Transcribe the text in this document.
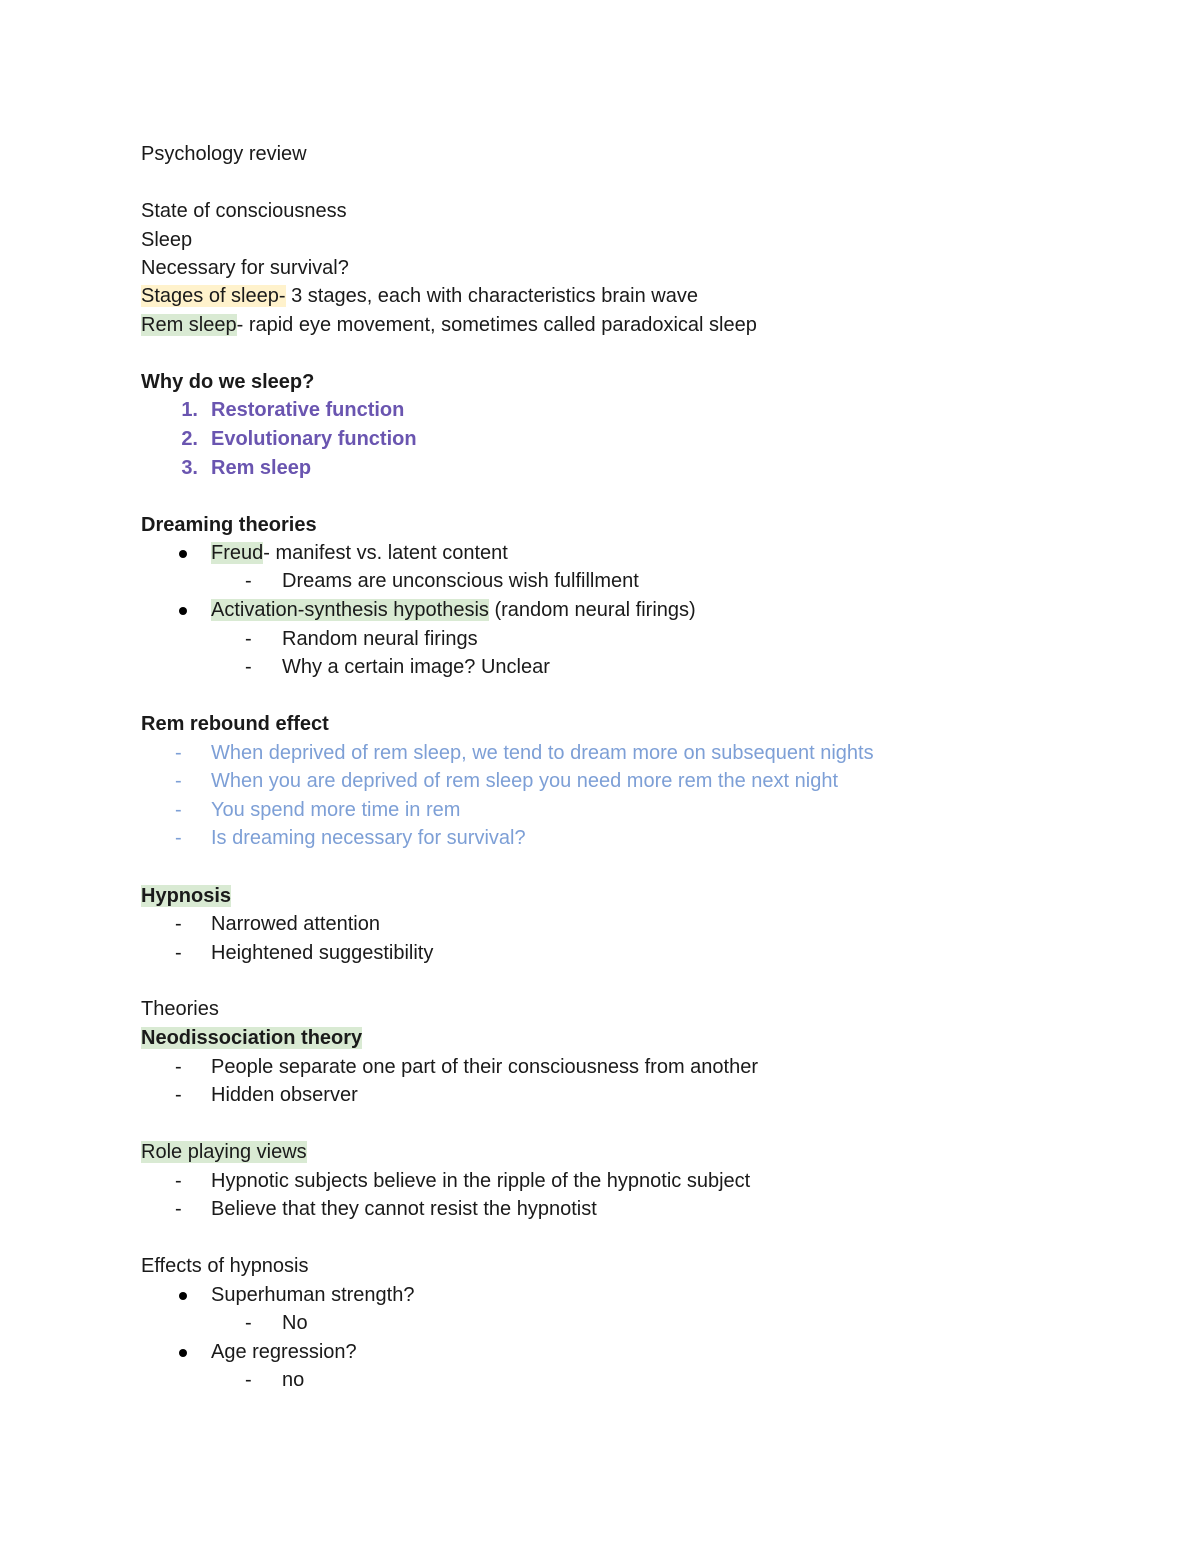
Psychology review
State of consciousness
Sleep
Necessary for survival?
Stages of sleep- 3 stages, each with characteristics brain wave
Rem sleep- rapid eye movement, sometimes called paradoxical sleep
Why do we sleep?
1. Restorative function
2. Evolutionary function
3. Rem sleep
Dreaming theories
Freud- manifest vs. latent content
- Dreams are unconscious wish fulfillment
Activation-synthesis hypothesis (random neural firings)
- Random neural firings
- Why a certain image? Unclear
Rem rebound effect
- When deprived of rem sleep, we tend to dream more on subsequent nights
- When you are deprived of rem sleep you need more rem the next night
- You spend more time in rem
- Is dreaming necessary for survival?
Hypnosis
- Narrowed attention
- Heightened suggestibility
Theories
Neodissociation theory
- People separate one part of their consciousness from another
- Hidden observer
Role playing views
- Hypnotic subjects believe in the ripple of the hypnotic subject
- Believe that they cannot resist the hypnotist
Effects of hypnosis
Superhuman strength?
- No
Age regression?
- no
